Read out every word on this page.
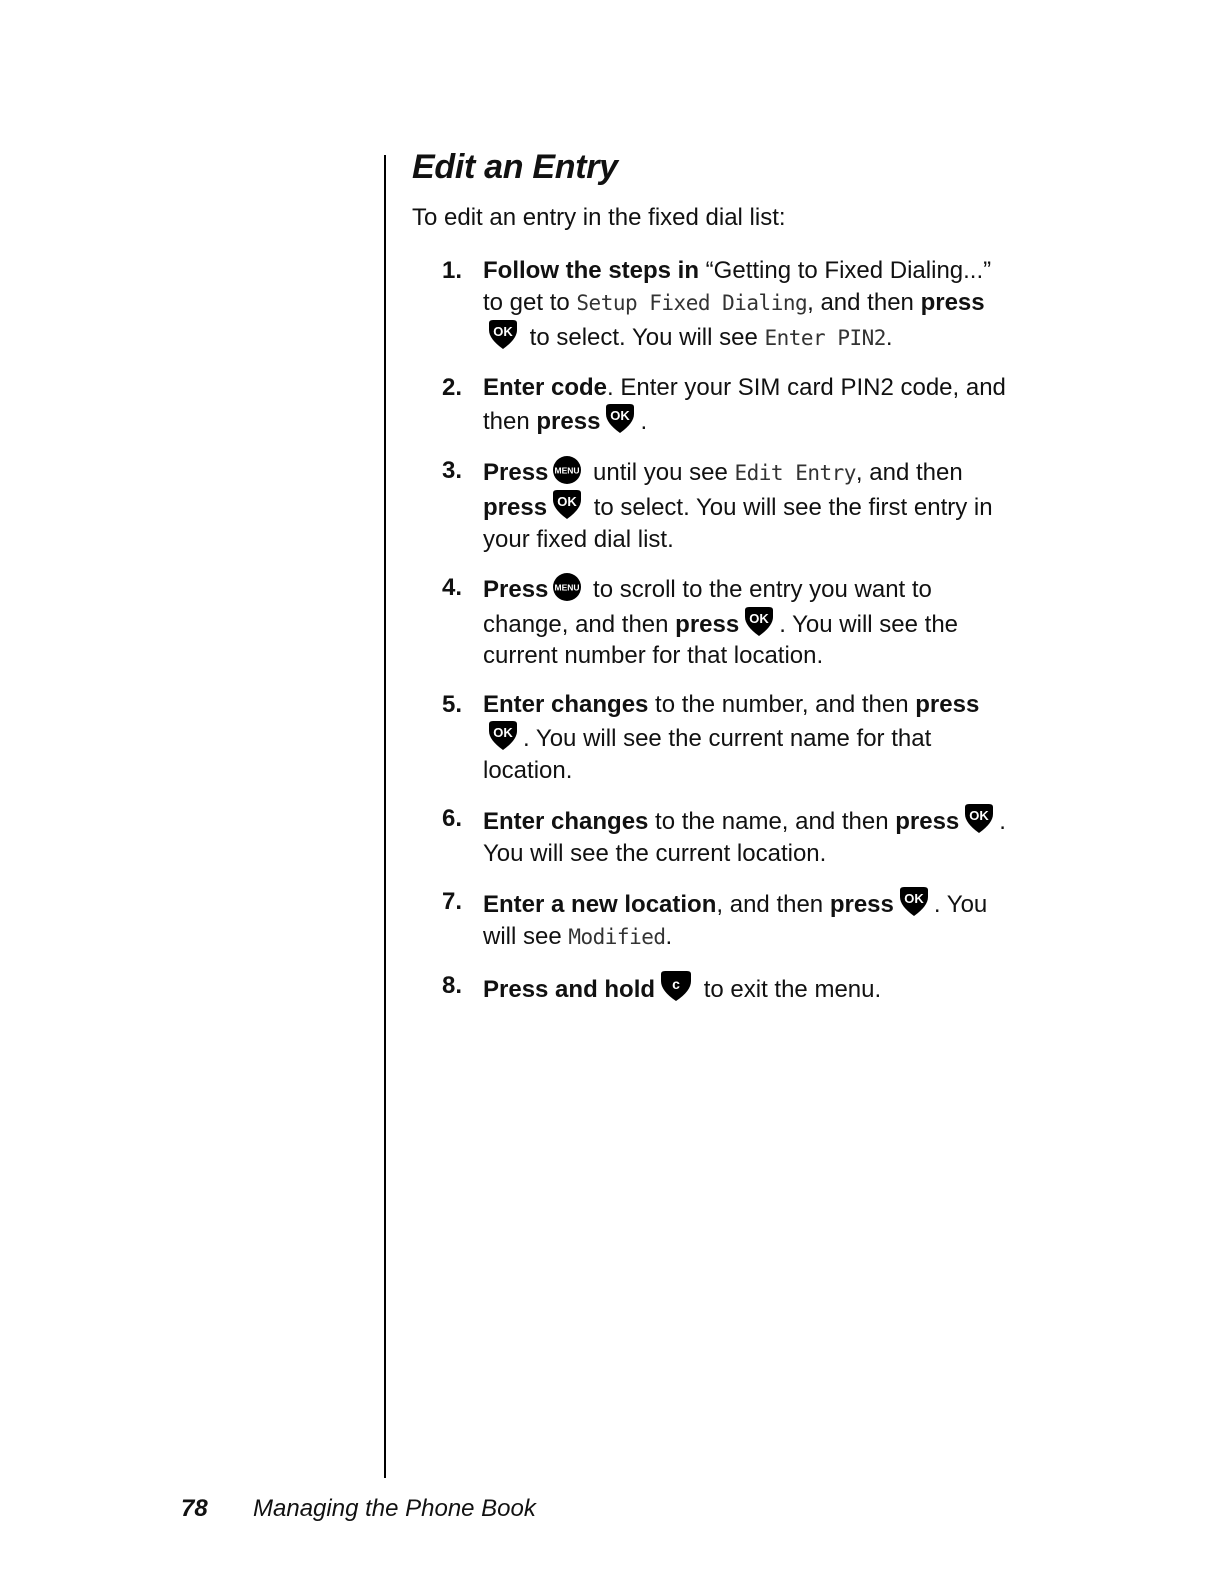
Edit an Entry

To edit an entry in the fixed dial list:

1. Follow the steps in “Getting to Fixed Dialing...” to get to Setup Fixed Dialing, and then press
to select. You will see Enter PIN2.
2. Enter code. Enter your SIM card PIN2 code, and then press .
3. Press
until you see Edit Entry, and then press
to select. You will see the first entry in your fixed dial list.
4. Press
to scroll to the entry you want to change, and then press . You will see the current number for that location.
5. Enter changes to the number, and then press
. You will see the current name for that location.
6. Enter changes to the name, and then press . You will see the current location.
7. Enter a new location, and then press . You will see Modified.
8. Press and hold
to exit the menu.
78 Managing the Phone Book
